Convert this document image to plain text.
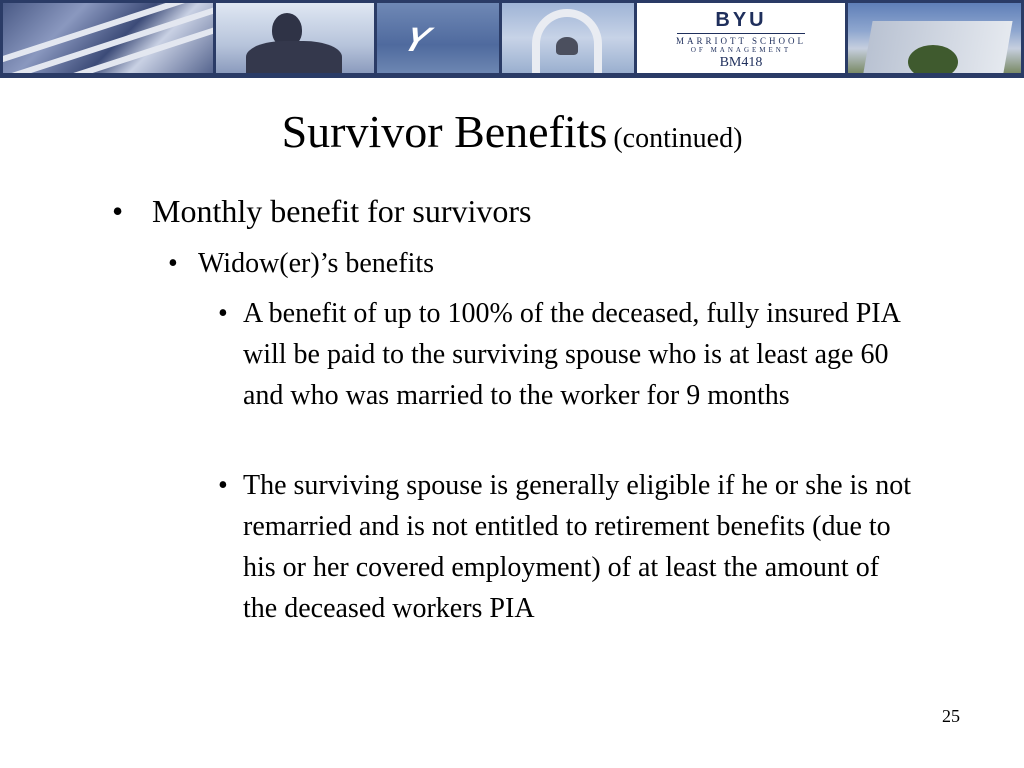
Y
BYU
MARRIOTT SCHOOL
OF MANAGEMENT
BM418
Survivor Benefits (continued)
• Monthly benefit for survivors
• Widow(er)’s benefits
• A benefit of up to 100% of the deceased, fully insured PIA will be paid to the surviving spouse who is at least age 60 and who was married to the worker for 9 months
• The surviving spouse is generally eligible if he or she is not remarried and is not entitled to retirement benefits (due to his or her covered employment) of at least the amount of the deceased workers PIA
25
